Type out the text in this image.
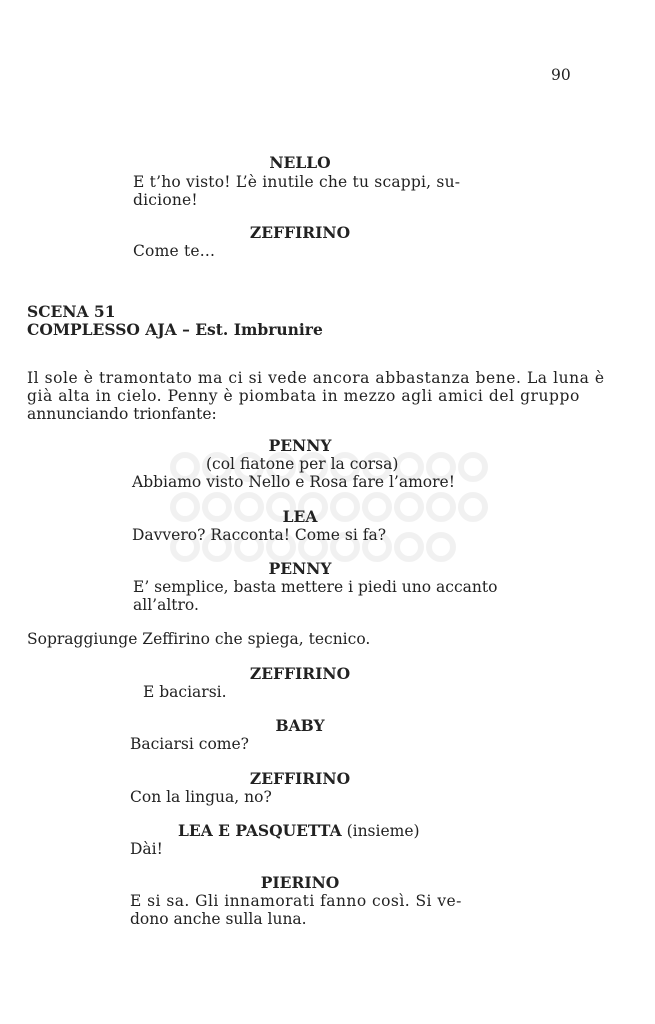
90
NELLO
E t’ho visto! L’è inutile che tu scappi, su-
dicione!
ZEFFIRINO
Come te...
SCENA 51
COMPLESSO AJA – Est. Imbrunire
Il sole è tramontato ma ci si vede ancora abbastanza bene. La luna è
già alta in cielo. Penny è piombata in mezzo agli amici del gruppo
annunciando trionfante:
PENNY
(col fiatone per la corsa)
Abbiamo visto Nello e Rosa fare l’amore!
LEA
Davvero? Racconta! Come si fa?
PENNY
E’ semplice, basta mettere i piedi uno accanto
all’altro.
Sopraggiunge Zeffirino che spiega, tecnico.
ZEFFIRINO
E baciarsi.
BABY
Baciarsi come?
ZEFFIRINO
Con la lingua, no?
LEA E PASQUETTA (insieme)
Dài!
PIERINO
E si sa. Gli innamorati fanno così. Si ve-
dono anche sulla luna.
